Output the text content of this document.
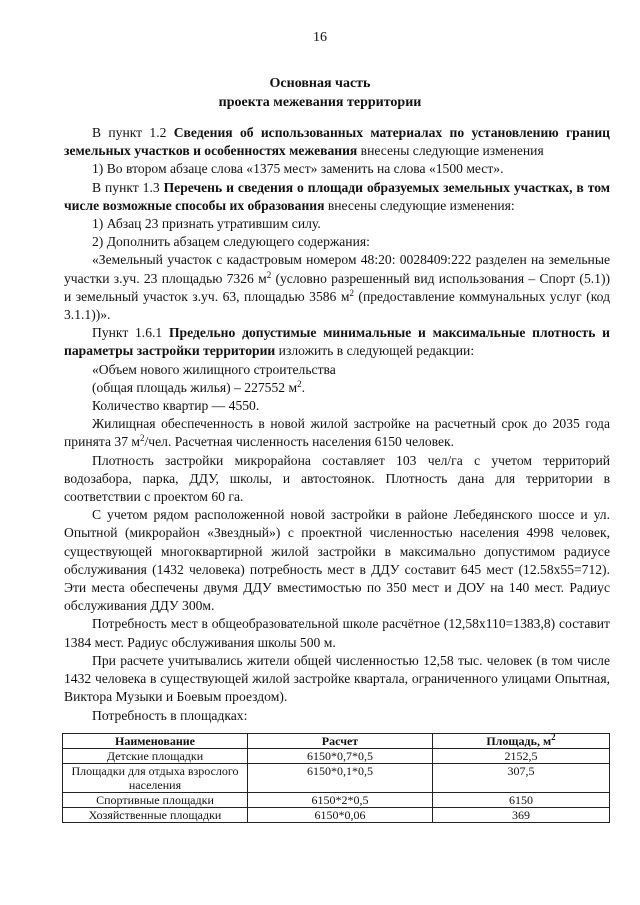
16
Основная часть
проекта межевания территории

В пункт 1.2 Сведения об использованных материалах по установлению границ земельных участков и особенностях межевания внесены следующие изменения

1) Во втором абзаце слова «1375 мест» заменить на слова «1500 мест».

В пункт 1.3 Перечень и сведения о площади образуемых земельных участках, в том числе возможные способы их образования внесены следующие изменения:

1) Абзац 23 признать утратившим силу.

2) Дополнить абзацем следующего содержания:

«Земельный участок с кадастровым номером 48:20: 0028409:222 разделен на земельные участки з.уч. 23 площадью 7326 $м^2$ (условно разрешенный вид использования – Спорт (5.1)) и земельный участок з.уч. 63, площадью 3586 $м^2$ (предоставление коммунальных услуг (код 3.1.1))».

Пункт 1.6.1 Предельно допустимые минимальные и максимальные плотность и параметры застройки территории изложить в следующей редакции:

«Объем нового жилищного строительства

(общая площадь жилья) – 227552 $м^2$.

Количество квартир — 4550.

Жилищная обеспеченность в новой жилой застройке на расчетный срок до 2035 года принята 37 $м^2$/чел. Расчетная численность населения 6150 человек.

Плотность застройки микрорайона составляет 103 чел/га с учетом территорий водозабора, парка, ДДУ, школы, и автостоянок. Плотность дана для территории в соответствии с проектом 60 га.

С учетом рядом расположенной новой застройки в районе Лебедянского шоссе и ул. Опытной (микрорайон «Звездный») с проектной численностью населения 4998 человек, существующей многоквартирной жилой застройки в максимально допустимом радиусе обслуживания (1432 человека) потребность мест в ДДУ составит 645 мест (12.58х55=712). Эти места обеспечены двумя ДДУ вместимостью по 350 мест и ДОУ на 140 мест. Радиус обслуживания ДДУ 300м.

Потребность мест в общеобразовательной школе расчётное (12,58х110=1383,8) составит 1384 мест. Радиус обслуживания школы 500 м.

При расчете учитывались жители общей численностью 12,58 тыс. человек (в том числе 1432 человека в существующей жилой застройке квартала, ограниченного улицами Опытная, Виктора Музыки и Боевым проездом).

Потребность в площадках:

Наименование	Расчет	Площадь, $м^2$
Детские площадки	6150*0,7*0,5	2152,5
Площадки для отдыха взрослого населения	6150*0,1*0,5	307,5
Спортивные площадки	6150*2*0,5	6150
Хозяйственные площадки	6150*0,06	369
